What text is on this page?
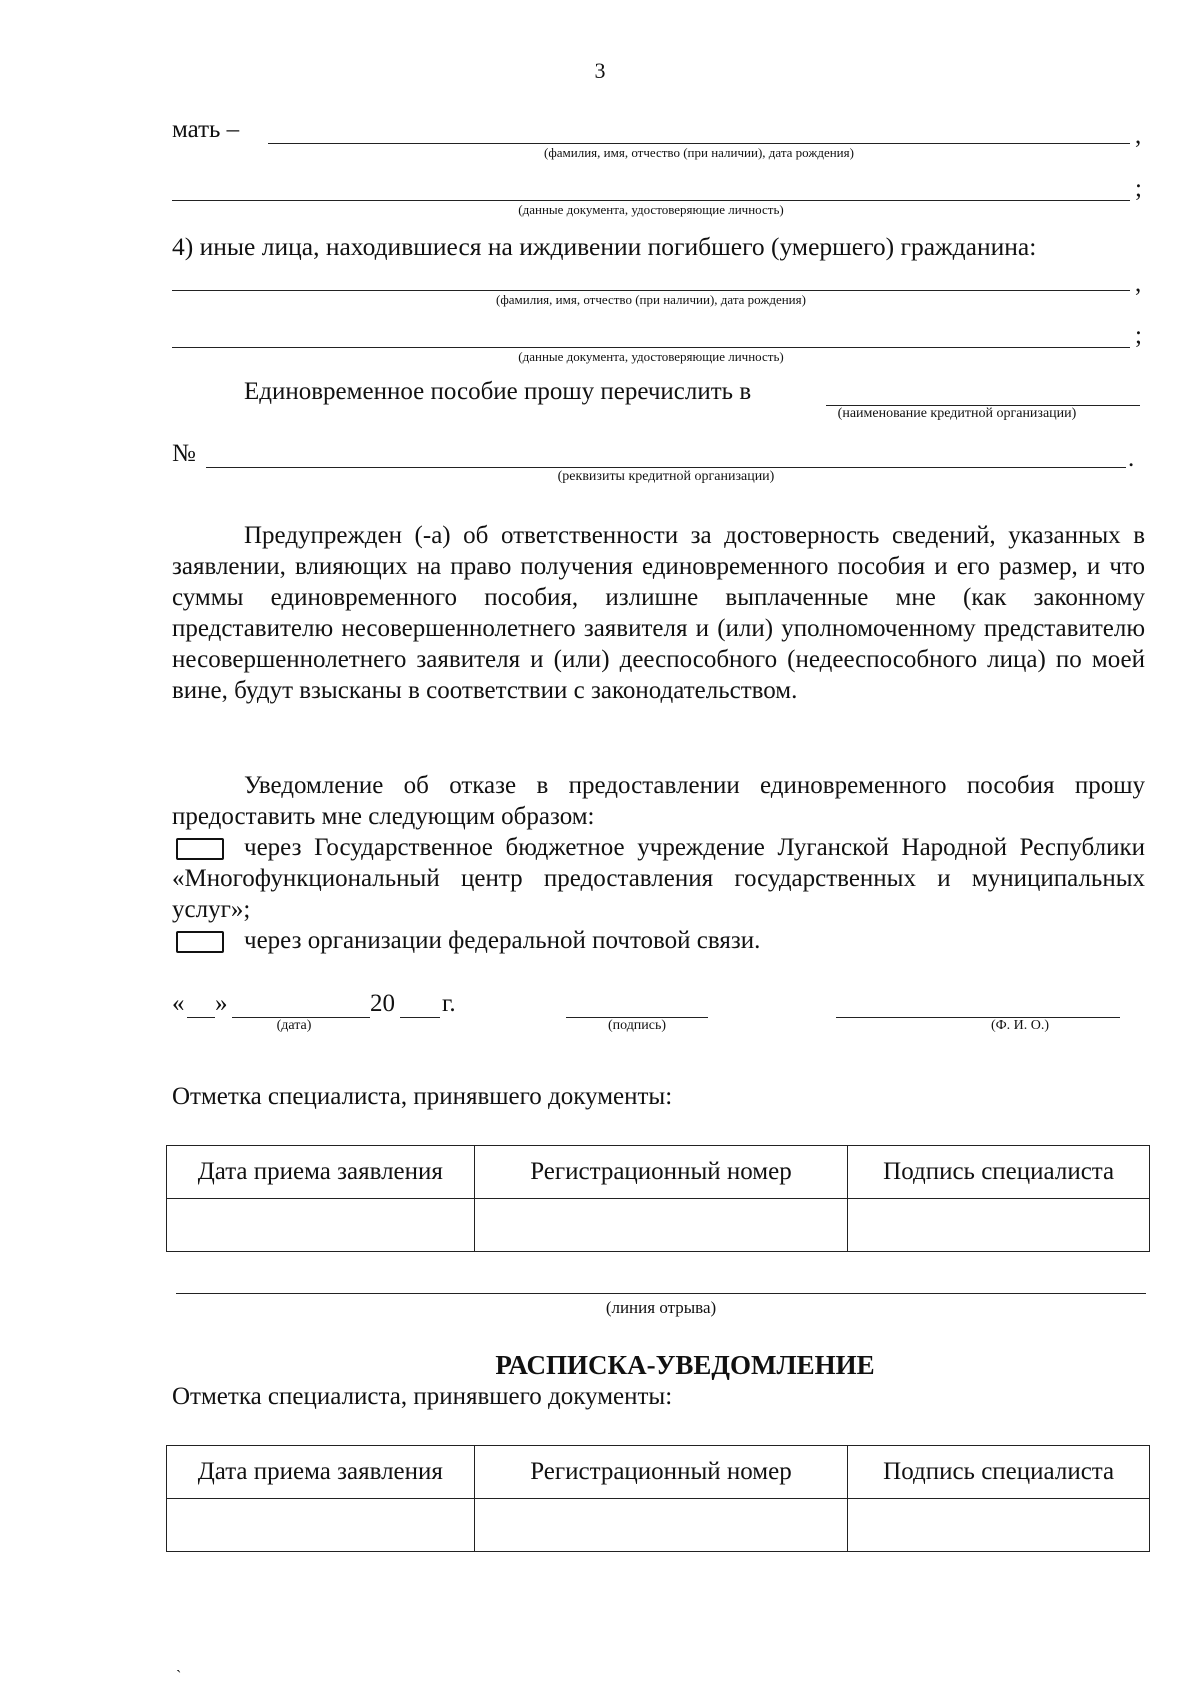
3
мать –	,
(фамилия, имя, отчество (при наличии), дата рождения)
;
(данные документа, удостоверяющие личность)
4) иные лица, находившиеся на иждивении погибшего (умершего) гражданина:
,
(фамилия, имя, отчество (при наличии), дата рождения)
;
(данные документа, удостоверяющие личность)
Единовременное пособие прошу перечислить в
(наименование кредитной организации)
№	.
(реквизиты кредитной организации)
Предупрежден (-а) об ответственности за достоверность сведений, указанных в заявлении, влияющих на право получения единовременного пособия и его размер, и что суммы единовременного пособия, излишне выплаченные мне (как законному представителю несовершеннолетнего заявителя и (или) уполномоченному представителю несовершеннолетнего заявителя и (или) дееспособного (недееспособного лица) по моей вине, будут взысканы в соответствии с законодательством.
Уведомление об отказе в предоставлении единовременного пособия прошу предоставить мне следующим образом:
через Государственное бюджетное учреждение Луганской Народной Республики «Многофункциональный центр предоставления государственных и муниципальных услуг»;
через организации федеральной почтовой связи.
« »	20 г.
(дата)	(подпись)	(Ф. И. О.)
Отметка специалиста, принявшего документы:
Дата приема заявления	Регистрационный номер	Подпись специалиста

(линия отрыва)
РАСПИСКА-УВЕДОМЛЕНИЕ
Отметка специалиста, принявшего документы:
Дата приема заявления	Регистрационный номер	Подпись специалиста

`
